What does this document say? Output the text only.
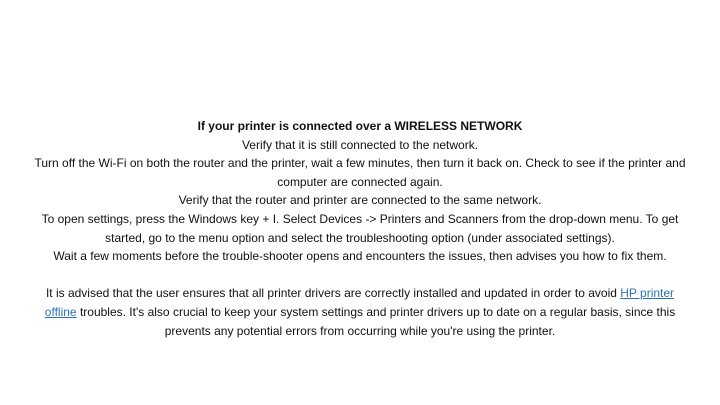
If your printer is connected over a WIRELESS NETWORK

Verify that it is still connected to the network.

Turn off the Wi-Fi on both the router and the printer, wait a few minutes, then turn it back on. Check to see if the printer and computer are connected again.

Verify that the router and printer are connected to the same network.

To open settings, press the Windows key + I. Select Devices -> Printers and Scanners from the drop-down menu. To get started, go to the menu option and select the troubleshooting option (under associated settings).

Wait a few moments before the trouble-shooter opens and encounters the issues, then advises you how to fix them.

It is advised that the user ensures that all printer drivers are correctly installed and updated in order to avoid HP printer offline troubles. It's also crucial to keep your system settings and printer drivers up to date on a regular basis, since this prevents any potential errors from occurring while you're using the printer.
